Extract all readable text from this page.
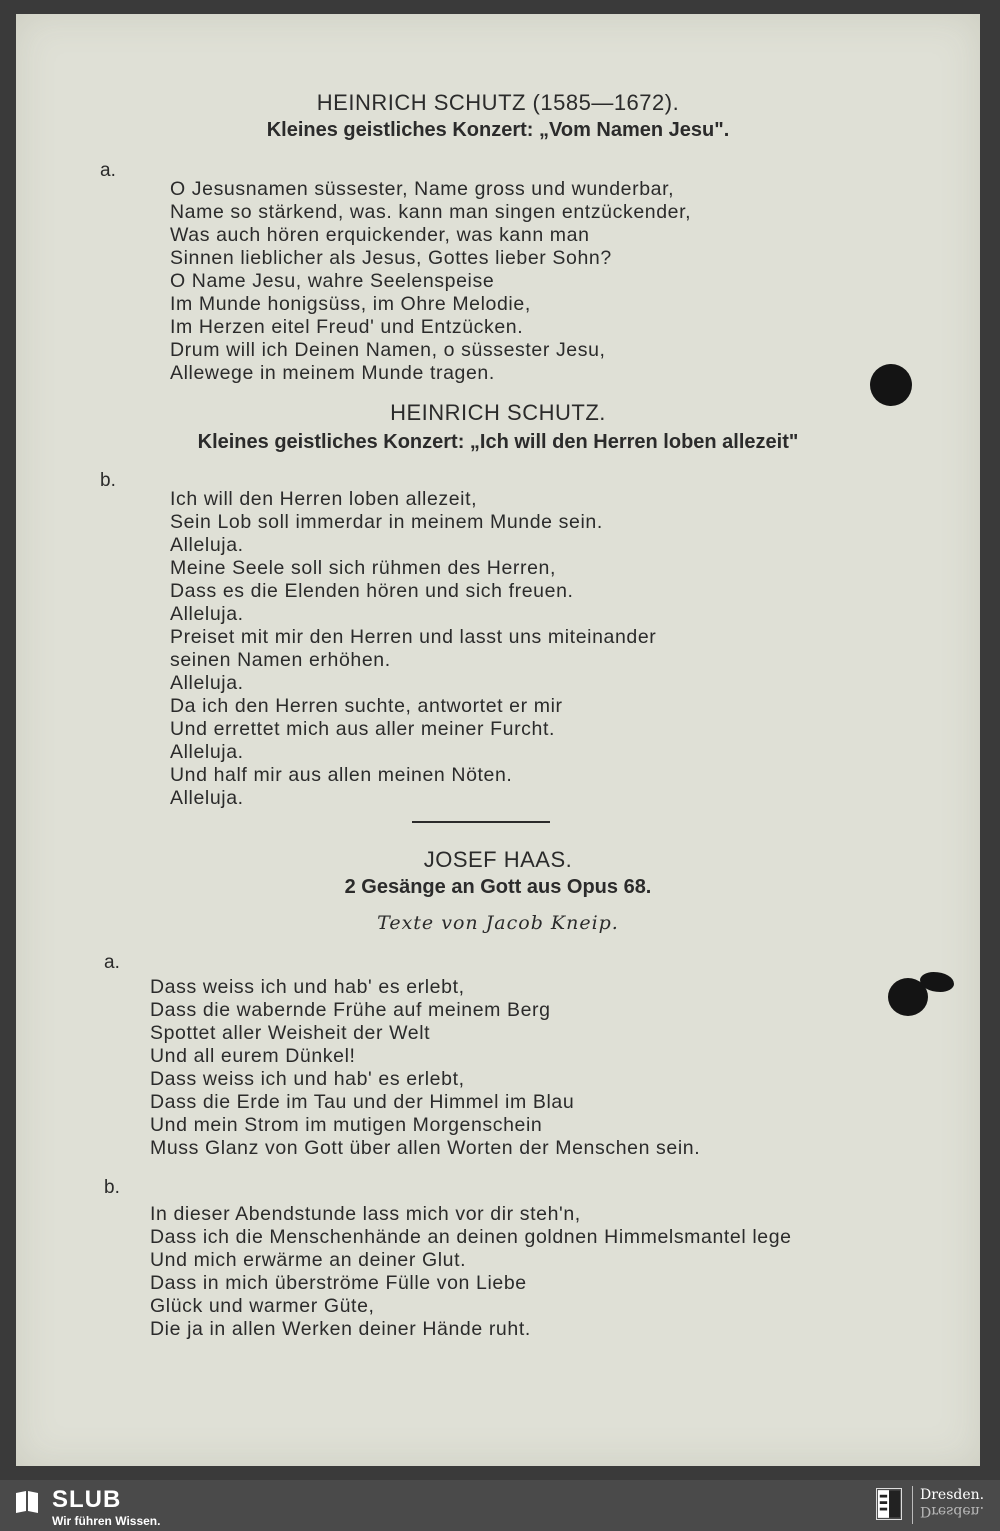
HEINRICH SCHUTZ (1585—1672).
Kleines geistliches Konzert: „Vom Namen Jesu".
a.
O Jesusnamen süssester, Name gross und wunderbar,
Name so stärkend, was. kann man singen entzückender,
Was auch hören erquickender, was kann man
Sinnen lieblicher als Jesus, Gottes lieber Sohn?
O Name Jesu, wahre Seelenspeise
Im Munde honigsüss, im Ohre Melodie,
Im Herzen eitel Freud' und Entzücken.
Drum will ich Deinen Namen, o süssester Jesu,
Allewege in meinem Munde tragen.
HEINRICH SCHUTZ.
Kleines geistliches Konzert: „Ich will den Herren loben allezeit"
b.
Ich will den Herren loben allezeit,
Sein Lob soll immerdar in meinem Munde sein.
Alleluja.
Meine Seele soll sich rühmen des Herren,
Dass es die Elenden hören und sich freuen.
Alleluja.
Preiset mit mir den Herren und lasst uns miteinander
seinen Namen erhöhen.
Alleluja.
Da ich den Herren suchte, antwortet er mir
Und errettet mich aus aller meiner Furcht.
Alleluja.
Und half mir aus allen meinen Nöten.
Alleluja.
JOSEF HAAS.
2 Gesänge an Gott aus Opus 68.
Texte von Jacob Kneip.
a.
Dass weiss ich und hab' es erlebt,
Dass die wabernde Frühe auf meinem Berg
Spottet aller Weisheit der Welt
Und all eurem Dünkel!
Dass weiss ich und hab' es erlebt,
Dass die Erde im Tau und der Himmel im Blau
Und mein Strom im mutigen Morgenschein
Muss Glanz von Gott über allen Worten der Menschen sein.
b.
In dieser Abendstunde lass mich vor dir steh'n,
Dass ich die Menschenhände an deinen goldnen Himmelsmantel lege
Und mich erwärme an deiner Glut.
Dass in mich überströme Fülle von Liebe
Glück und warmer Güte,
Die ja in allen Werken deiner Hände ruht.
SLUB
Wir führen Wissen.
Dresden.
Dresden.
